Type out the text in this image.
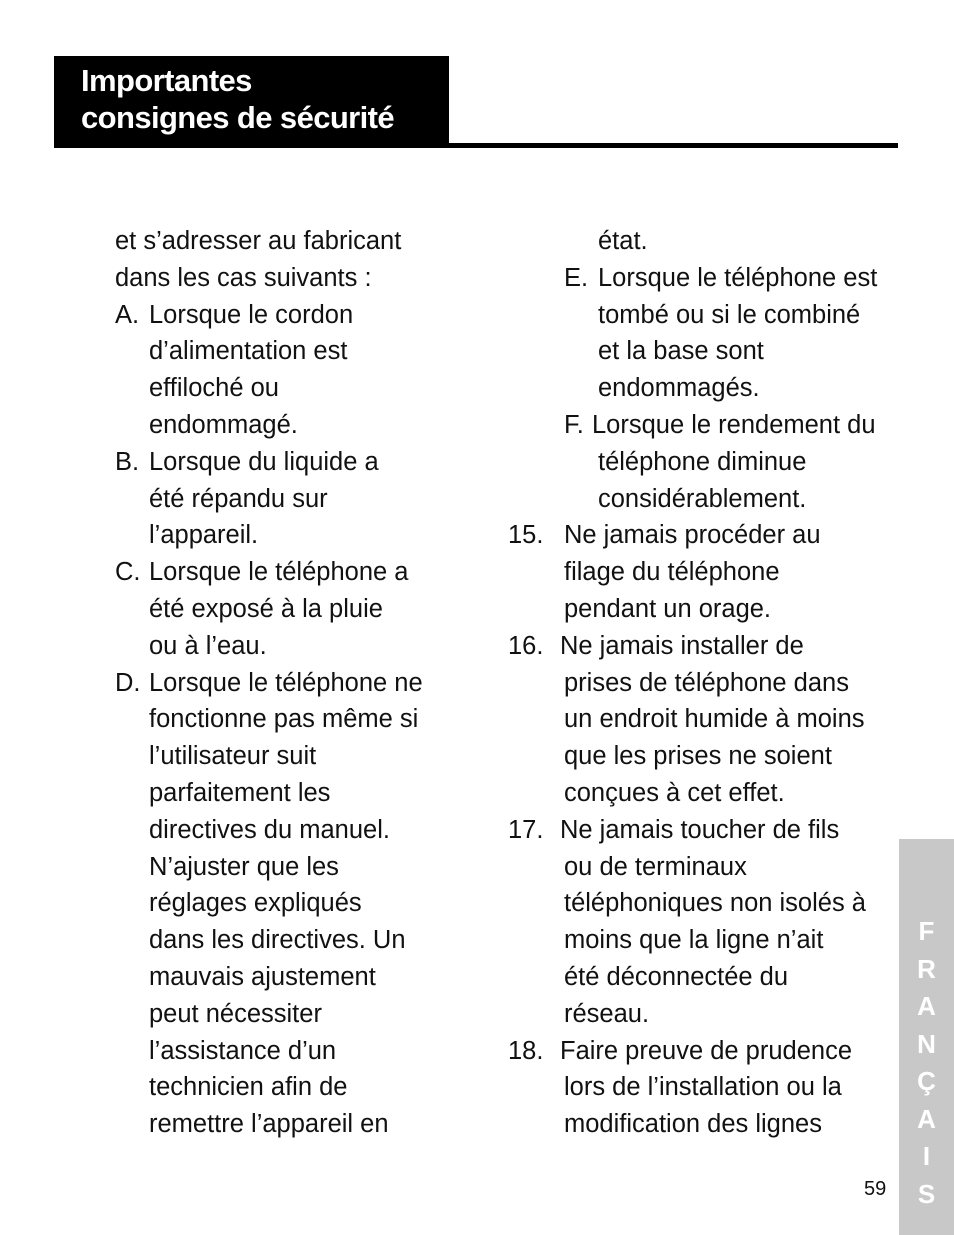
Importantes
consignes de sécurité
et s’adresser au fabricant
dans les cas suivants :
A. Lorsque le cordon
d’alimentation est
effiloché ou
endommagé.
B. Lorsque du liquide a
été répandu sur
l’appareil.
C. Lorsque le téléphone a
été exposé à la pluie
ou à l’eau.
D. Lorsque le téléphone ne
fonctionne pas même si
l’utilisateur suit
parfaitement les
directives du manuel.
N’ajuster que les
réglages expliqués
dans les directives. Un
mauvais ajustement
peut nécessiter
l’assistance d’un
technicien afin de
remettre l’appareil en
état.
E. Lorsque le téléphone est
tombé ou si le combiné
et la base sont
endommagés.
F. Lorsque le rendement du
téléphone diminue
considérablement.
15. Ne jamais procéder au
filage du téléphone
pendant un orage.
16. Ne jamais installer de
prises de téléphone dans
un endroit humide à moins
que les prises ne soient
conçues à cet effet.
17. Ne jamais toucher de fils
ou de terminaux
téléphoniques non isolés à
moins que la ligne n’ait
été déconnectée du
réseau.
18. Faire preuve de prudence
lors de l’installation ou la
modification des lignes
F
R
A
N
Ç
A
I
S
59
